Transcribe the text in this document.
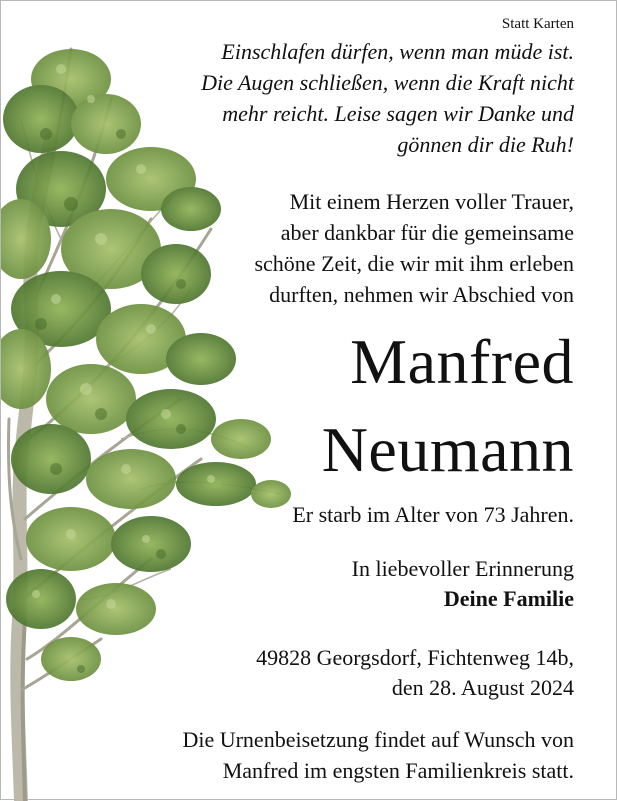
Statt Karten
Einschlafen dürfen, wenn man müde ist.
Die Augen schließen, wenn die Kraft nicht
mehr reicht. Leise sagen wir Danke und
gönnen dir die Ruh!
Mit einem Herzen voller Trauer,
aber dankbar für die gemeinsame
schöne Zeit, die wir mit ihm erleben
durften, nehmen wir Abschied von
Manfred
Neumann
Er starb im Alter von 73 Jahren.
In liebevoller Erinnerung
Deine Familie
49828 Georgsdorf, Fichtenweg 14b,
den 28. August 2024
Die Urnenbeisetzung findet auf Wunsch von
Manfred im engsten Familienkreis statt.
